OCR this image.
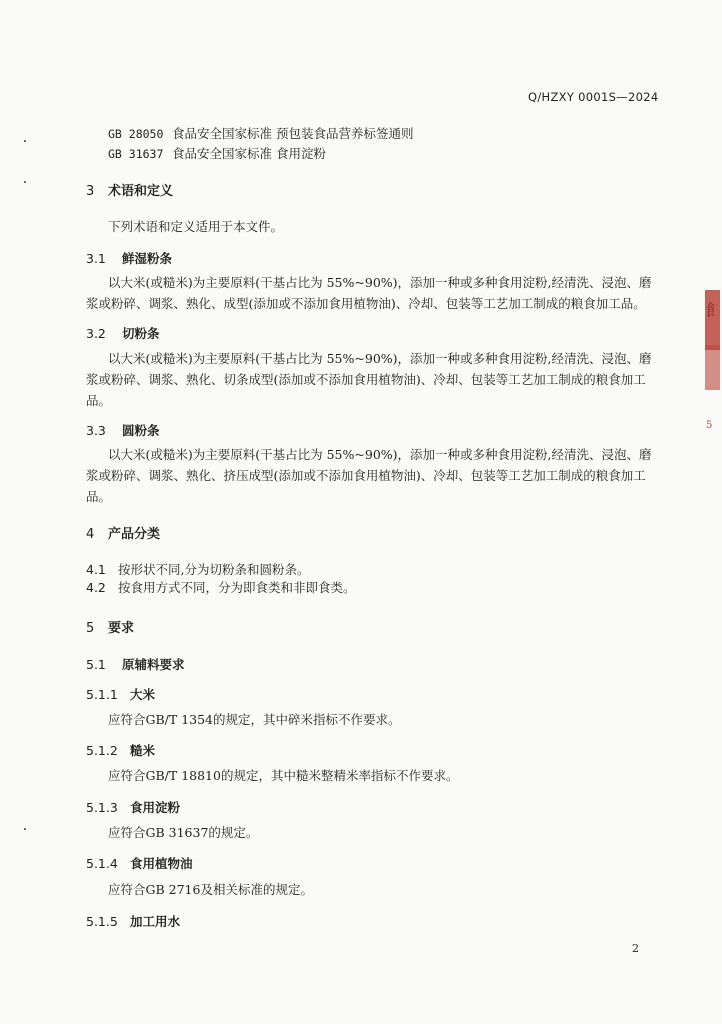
Q/HZXY 0001S—2024
GB 28050 食品安全国家标准 预包装食品营养标签通则
GB 31637 食品安全国家标准 食用淀粉
3 术语和定义
下列术语和定义适用于本文件。
3.1 鲜湿粉条
以大米(或糙米)为主要原料(干基占比为 55%~90%)，添加一种或多种食用淀粉,经清洗、浸泡、磨
浆或粉碎、调浆、熟化、成型(添加或不添加食用植物油)、冷却、包装等工艺加工制成的粮食加工品。
3.2 切粉条
以大米(或糙米)为主要原料(干基占比为 55%~90%)，添加一种或多种食用淀粉,经清洗、浸泡、磨
浆或粉碎、调浆、熟化、切条成型(添加或不添加食用植物油)、冷却、包装等工艺加工制成的粮食加工
品。
3.3 圆粉条
以大米(或糙米)为主要原料(干基占比为 55%~90%)，添加一种或多种食用淀粉,经清洗、浸泡、磨
浆或粉碎、调浆、熟化、挤压成型(添加或不添加食用植物油)、冷却、包装等工艺加工制成的粮食加工
品。
4 产品分类
4.1 按形状不同,分为切粉条和圆粉条。
4.2 按食用方式不同，分为即食类和非即食类。
5 要求
5.1 原辅料要求
5.1.1 大米
应符合GB/T 1354的规定，其中碎米指标不作要求。
5.1.2 糙米
应符合GB/T 18810的规定，其中糙米整精米率指标不作要求。
5.1.3 食用淀粉
应符合GB 31637的规定。
5.1.4 食用植物油
应符合GB 2716及相关标准的规定。
5.1.5 加工用水
2
飠
5
